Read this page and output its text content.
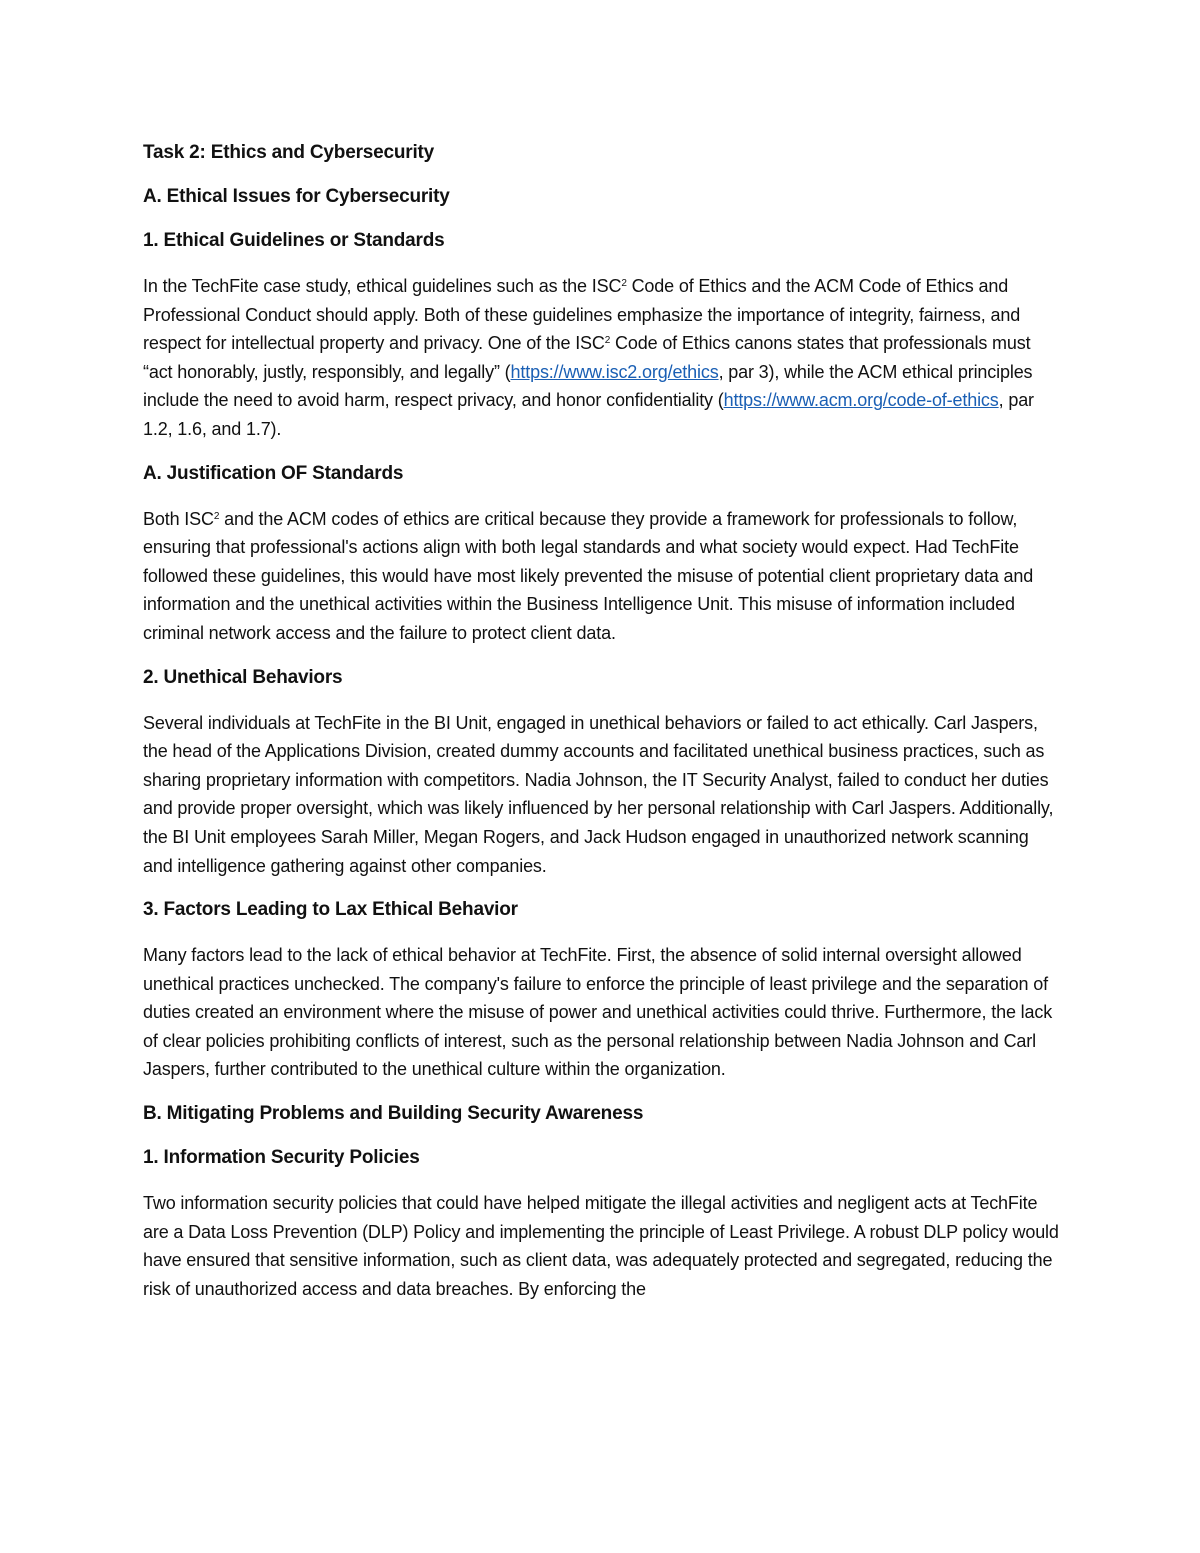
Task 2: Ethics and Cybersecurity
A. Ethical Issues for Cybersecurity
1. Ethical Guidelines or Standards

In the TechFite case study, ethical guidelines such as the ISC$^2$ Code of Ethics and the ACM Code of Ethics and Professional Conduct should apply. Both of these guidelines emphasize the importance of integrity, fairness, and respect for intellectual property and privacy. One of the ISC$^2$ Code of Ethics canons states that professionals must “act honorably, justly, responsibly, and legally” (https://www.isc2.org/ethics, par 3), while the ACM ethical principles include the need to avoid harm, respect privacy, and honor confidentiality (https://www.acm.org/code-of-ethics, par 1.2, 1.6, and 1.7).

A. Justification OF Standards

Both ISC$^2$ and the ACM codes of ethics are critical because they provide a framework for professionals to follow, ensuring that professional's actions align with both legal standards and what society would expect. Had TechFite followed these guidelines, this would have most likely prevented the misuse of potential client proprietary data and information and the unethical activities within the Business Intelligence Unit. This misuse of information included criminal network access and the failure to protect client data.

2. Unethical Behaviors

Several individuals at TechFite in the BI Unit, engaged in unethical behaviors or failed to act ethically. Carl Jaspers, the head of the Applications Division, created dummy accounts and facilitated unethical business practices, such as sharing proprietary information with competitors. Nadia Johnson, the IT Security Analyst, failed to conduct her duties and provide proper oversight, which was likely influenced by her personal relationship with Carl Jaspers. Additionally, the BI Unit employees Sarah Miller, Megan Rogers, and Jack Hudson engaged in unauthorized network scanning and intelligence gathering against other companies.

3. Factors Leading to Lax Ethical Behavior

Many factors lead to the lack of ethical behavior at TechFite. First, the absence of solid internal oversight allowed unethical practices unchecked. The company's failure to enforce the principle of least privilege and the separation of duties created an environment where the misuse of power and unethical activities could thrive. Furthermore, the lack of clear policies prohibiting conflicts of interest, such as the personal relationship between Nadia Johnson and Carl Jaspers, further contributed to the unethical culture within the organization.

B. Mitigating Problems and Building Security Awareness
1. Information Security Policies

Two information security policies that could have helped mitigate the illegal activities and negligent acts at TechFite are a Data Loss Prevention (DLP) Policy and implementing the principle of Least Privilege. A robust DLP policy would have ensured that sensitive information, such as client data, was adequately protected and segregated, reducing the risk of unauthorized access and data breaches. By enforcing the
